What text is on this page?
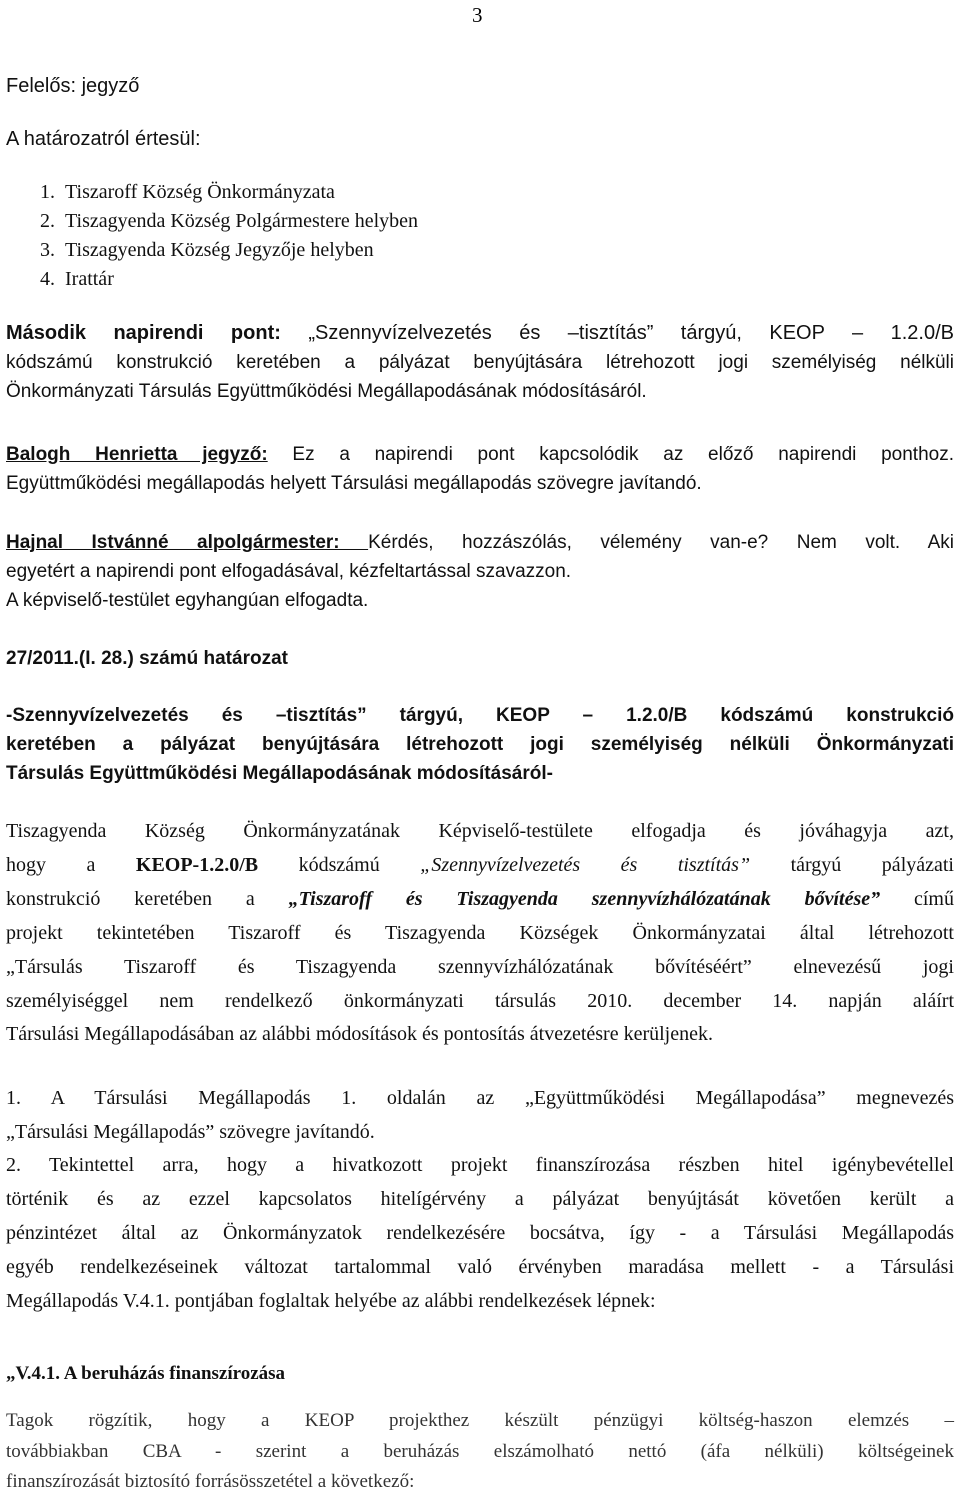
3
Felelős: jegyző
A határozatról értesül:
1.  Tiszaroff Község Önkormányzata
2.  Tiszagyenda Község Polgármestere helyben
3.  Tiszagyenda Község Jegyzője helyben
4.  Irattár
Második napirendi pont: „Szennyvízelvezetés és –tisztítás” tárgyú, KEOP – 1.2.0/B
kódszámú konstrukció keretében a pályázat benyújtására létrehozott jogi személyiség nélküli
Önkormányzati Társulás Együttműködési Megállapodásának módosításáról.
Balogh Henrietta jegyző: Ez a napirendi pont kapcsolódik az előző napirendi ponthoz.
Együttműködési megállapodás helyett Társulási megállapodás szövegre javítandó.
Hajnal Istvánné alpolgármester: Kérdés, hozzászólás, vélemény van-e? Nem volt. Aki
egyetért a napirendi pont elfogadásával, kézfeltartással szavazzon.
A képviselő-testület egyhangúan elfogadta.
27/2011.(I. 28.) számú határozat
-Szennyvízelvezetés és –tisztítás” tárgyú, KEOP – 1.2.0/B kódszámú konstrukció
keretében a pályázat benyújtására létrehozott jogi személyiség nélküli Önkormányzati
Társulás Együttműködési Megállapodásának módosításáról-
Tiszagyenda Község Önkormányzatának Képviselő-testülete elfogadja és jóváhagyja azt,
hogy a KEOP-1.2.0/B kódszámú „Szennyvízelvezetés és tisztítás” tárgyú pályázati
konstrukció keretében a „Tiszaroff és Tiszagyenda szennyvízhálózatának bővítése” című
projekt tekintetében Tiszaroff és Tiszagyenda Községek Önkormányzatai által létrehozott
„Társulás Tiszaroff és Tiszagyenda szennyvízhálózatának bővítéséért” elnevezésű jogi
személyiséggel nem rendelkező önkormányzati társulás 2010. december 14. napján aláírt
Társulási Megállapodásában az alábbi módosítások és pontosítás átvezetésre kerüljenek.
1. A Társulási Megállapodás 1. oldalán az „Együttműködési Megállapodása” megnevezés
„Társulási Megállapodás” szövegre javítandó.
2. Tekintettel arra, hogy a hivatkozott projekt finanszírozása részben hitel igénybevétellel
történik és az ezzel kapcsolatos hitelígérvény a pályázat benyújtását követően került a
pénzintézet által az Önkormányzatok rendelkezésére bocsátva, így - a Társulási Megállapodás
egyéb rendelkezéseinek változat tartalommal való érvényben maradása mellett - a Társulási
Megállapodás V.4.1. pontjában foglaltak helyébe az alábbi rendelkezések lépnek:
„V.4.1. A beruházás finanszírozása
Tagok rögzítik, hogy a KEOP projekthez készült pénzügyi költség-haszon elemzés –
továbbiakban CBA - szerint a beruházás elszámolható nettó (áfa nélküli) költségeinek
finanszírozását biztosító forrásösszetétel a következő:
